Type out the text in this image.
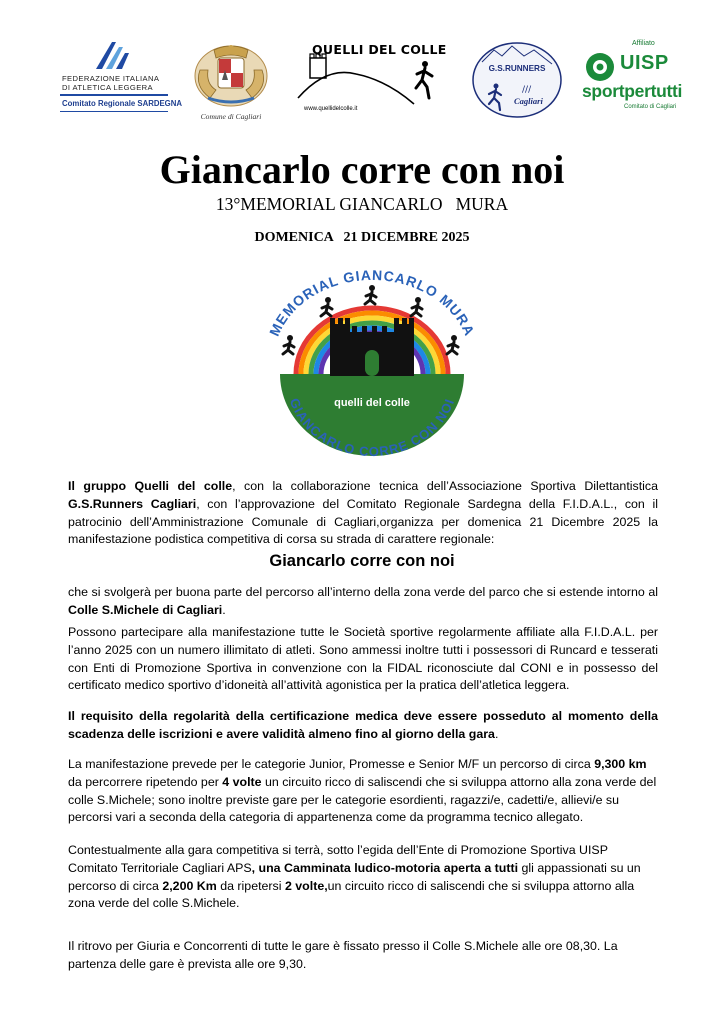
FEDERAZIONE ITALIANA
DI ATLETICA LEGGERA
Comitato Regionale SARDEGNA
Comune di Cagliari
QUELLI DEL COLLE
www.quellidelcolle.it
///
G.S.RUNNERS
Cagliari
Affiliato
UISP
sportpertutti
Comitato di Cagliari
Giancarlo corre con noi
13°MEMORIAL GIANCARLO   MURA
DOMENICA   21 DICEMBRE 2025
quelli del colle
MEMORIAL GIANCARLO MURA
GIANCARLO CORRE CON NOI
Il gruppo Quelli del colle, con la collaborazione tecnica dell’Associazione Sportiva Dilettantistica G.S.Runners Cagliari, con l’approvazione del Comitato Regionale Sardegna della F.I.D.A.L., con il patrocinio dell’Amministrazione Comunale di Cagliari,organizza per domenica 21 Dicembre 2025 la manifestazione podistica competitiva di corsa su strada di carattere regionale:
Giancarlo corre con noi
che si svolgerà per buona parte del percorso all’interno della zona verde del parco che si estende intorno al Colle S.Michele di Cagliari.
Possono partecipare alla manifestazione tutte le Società sportive regolarmente affiliate alla F.I.D.A.L. per l’anno 2025 con un numero illimitato di atleti. Sono ammessi inoltre tutti i possessori di Runcard e tesserati con Enti di Promozione Sportiva in convenzione con la FIDAL riconosciute dal CONI e in possesso del certificato medico sportivo d’idoneità all’attività agonistica per la pratica dell’atletica leggera.
Il requisito della regolarità della certificazione medica deve essere posseduto al momento della scadenza delle iscrizioni e avere validità almeno fino al giorno della gara.
La manifestazione prevede per le categorie Junior, Promesse e Senior M/F un percorso di circa 9,300 km da percorrere ripetendo per 4 volte un circuito ricco di saliscendi che si sviluppa attorno alla zona verde del colle S.Michele; sono inoltre previste gare per le categorie esordienti, ragazzi/e, cadetti/e, allievi/e su percorsi vari a seconda della categoria di appartenenza come da programma tecnico allegato.
Contestualmente alla gara competitiva si terrà, sotto l’egida dell’Ente di Promozione Sportiva UISP Comitato Territoriale Cagliari APS, una Camminata ludico-motoria aperta a tutti gli appassionati su un percorso di circa 2,200 Km da ripetersi 2 volte,un circuito ricco di saliscendi che si sviluppa attorno alla zona verde del colle S.Michele.
Il ritrovo per Giuria e Concorrenti di tutte le gare è fissato presso il Colle S.Michele alle ore 08,30. La partenza delle gare è prevista alle ore 9,30.
